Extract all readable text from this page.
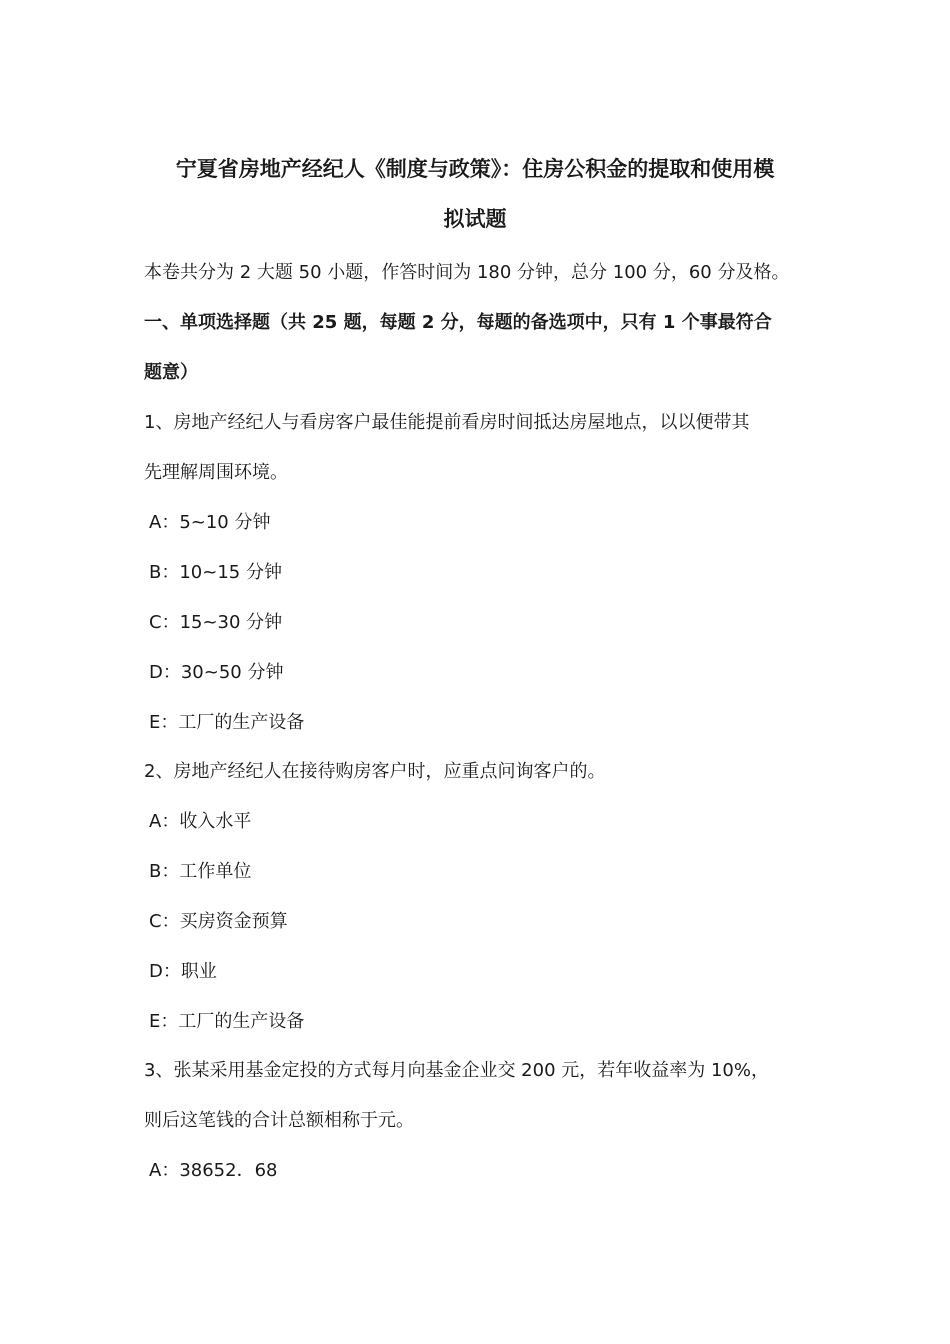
宁夏省房地产经纪人《制度与政策》：住房公积金的提取和使用模
拟试题
本卷共分为 2 大题 50 小题，作答时间为 180 分钟，总分 100 分，60 分及格。
一、单项选择题（共 25 题，每题 2 分，每题的备选项中，只有 1 个事最符合
题意）
1、房地产经纪人与看房客户最佳能提前看房时间抵达房屋地点，以以便带其
先理解周围环境。
A：5~10 分钟
B：10~15 分钟
C：15~30 分钟
D：30~50 分钟
E：工厂的生产设备
2、房地产经纪人在接待购房客户时，应重点问询客户的。
A：收入水平
B：工作单位
C：买房资金预算
D：职业
E：工厂的生产设备
3、张某采用基金定投的方式每月向基金企业交 200 元，若年收益率为 10%，
则后这笔钱的合计总额相称于元。
A：38652．68
